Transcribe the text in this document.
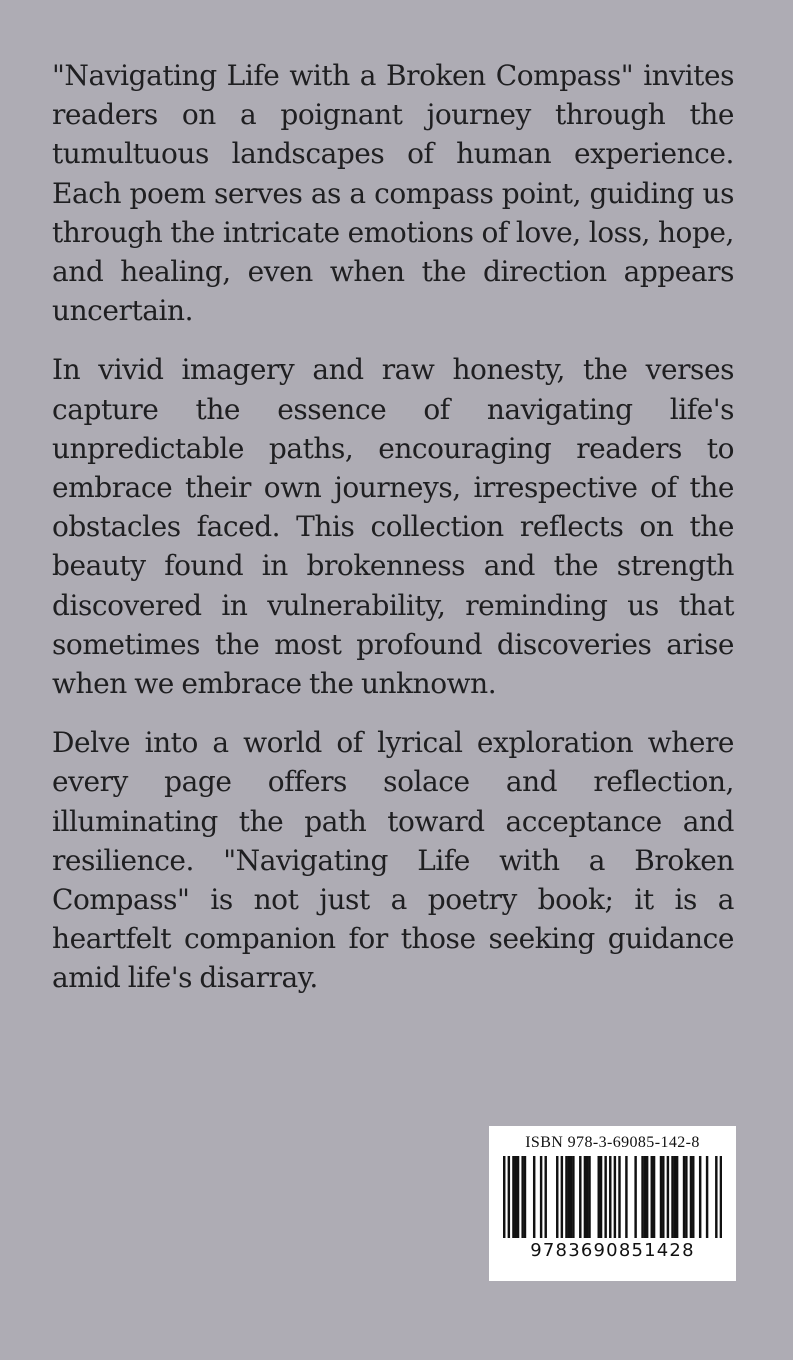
"Navigating Life with a Broken Compass" invites readers on a poignant journey through the tumultuous landscapes of human experience. Each poem serves as a compass point, guiding us through the intricate emotions of love, loss, hope, and healing, even when the direction appears uncertain.

In vivid imagery and raw honesty, the verses capture the essence of navigating life's unpredictable paths, encouraging readers to embrace their own journeys, irrespective of the obstacles faced. This collection reflects on the beauty found in brokenness and the strength discovered in vulnerability, reminding us that sometimes the most profound discoveries arise when we embrace the unknown.

Delve into a world of lyrical exploration where every page offers solace and reflection, illuminating the path toward acceptance and resilience. "Navigating Life with a Broken Compass" is not just a poetry book; it is a heartfelt companion for those seeking guidance amid life's disarray.

ISBN 978-3-69085-142-8
9783690851428
